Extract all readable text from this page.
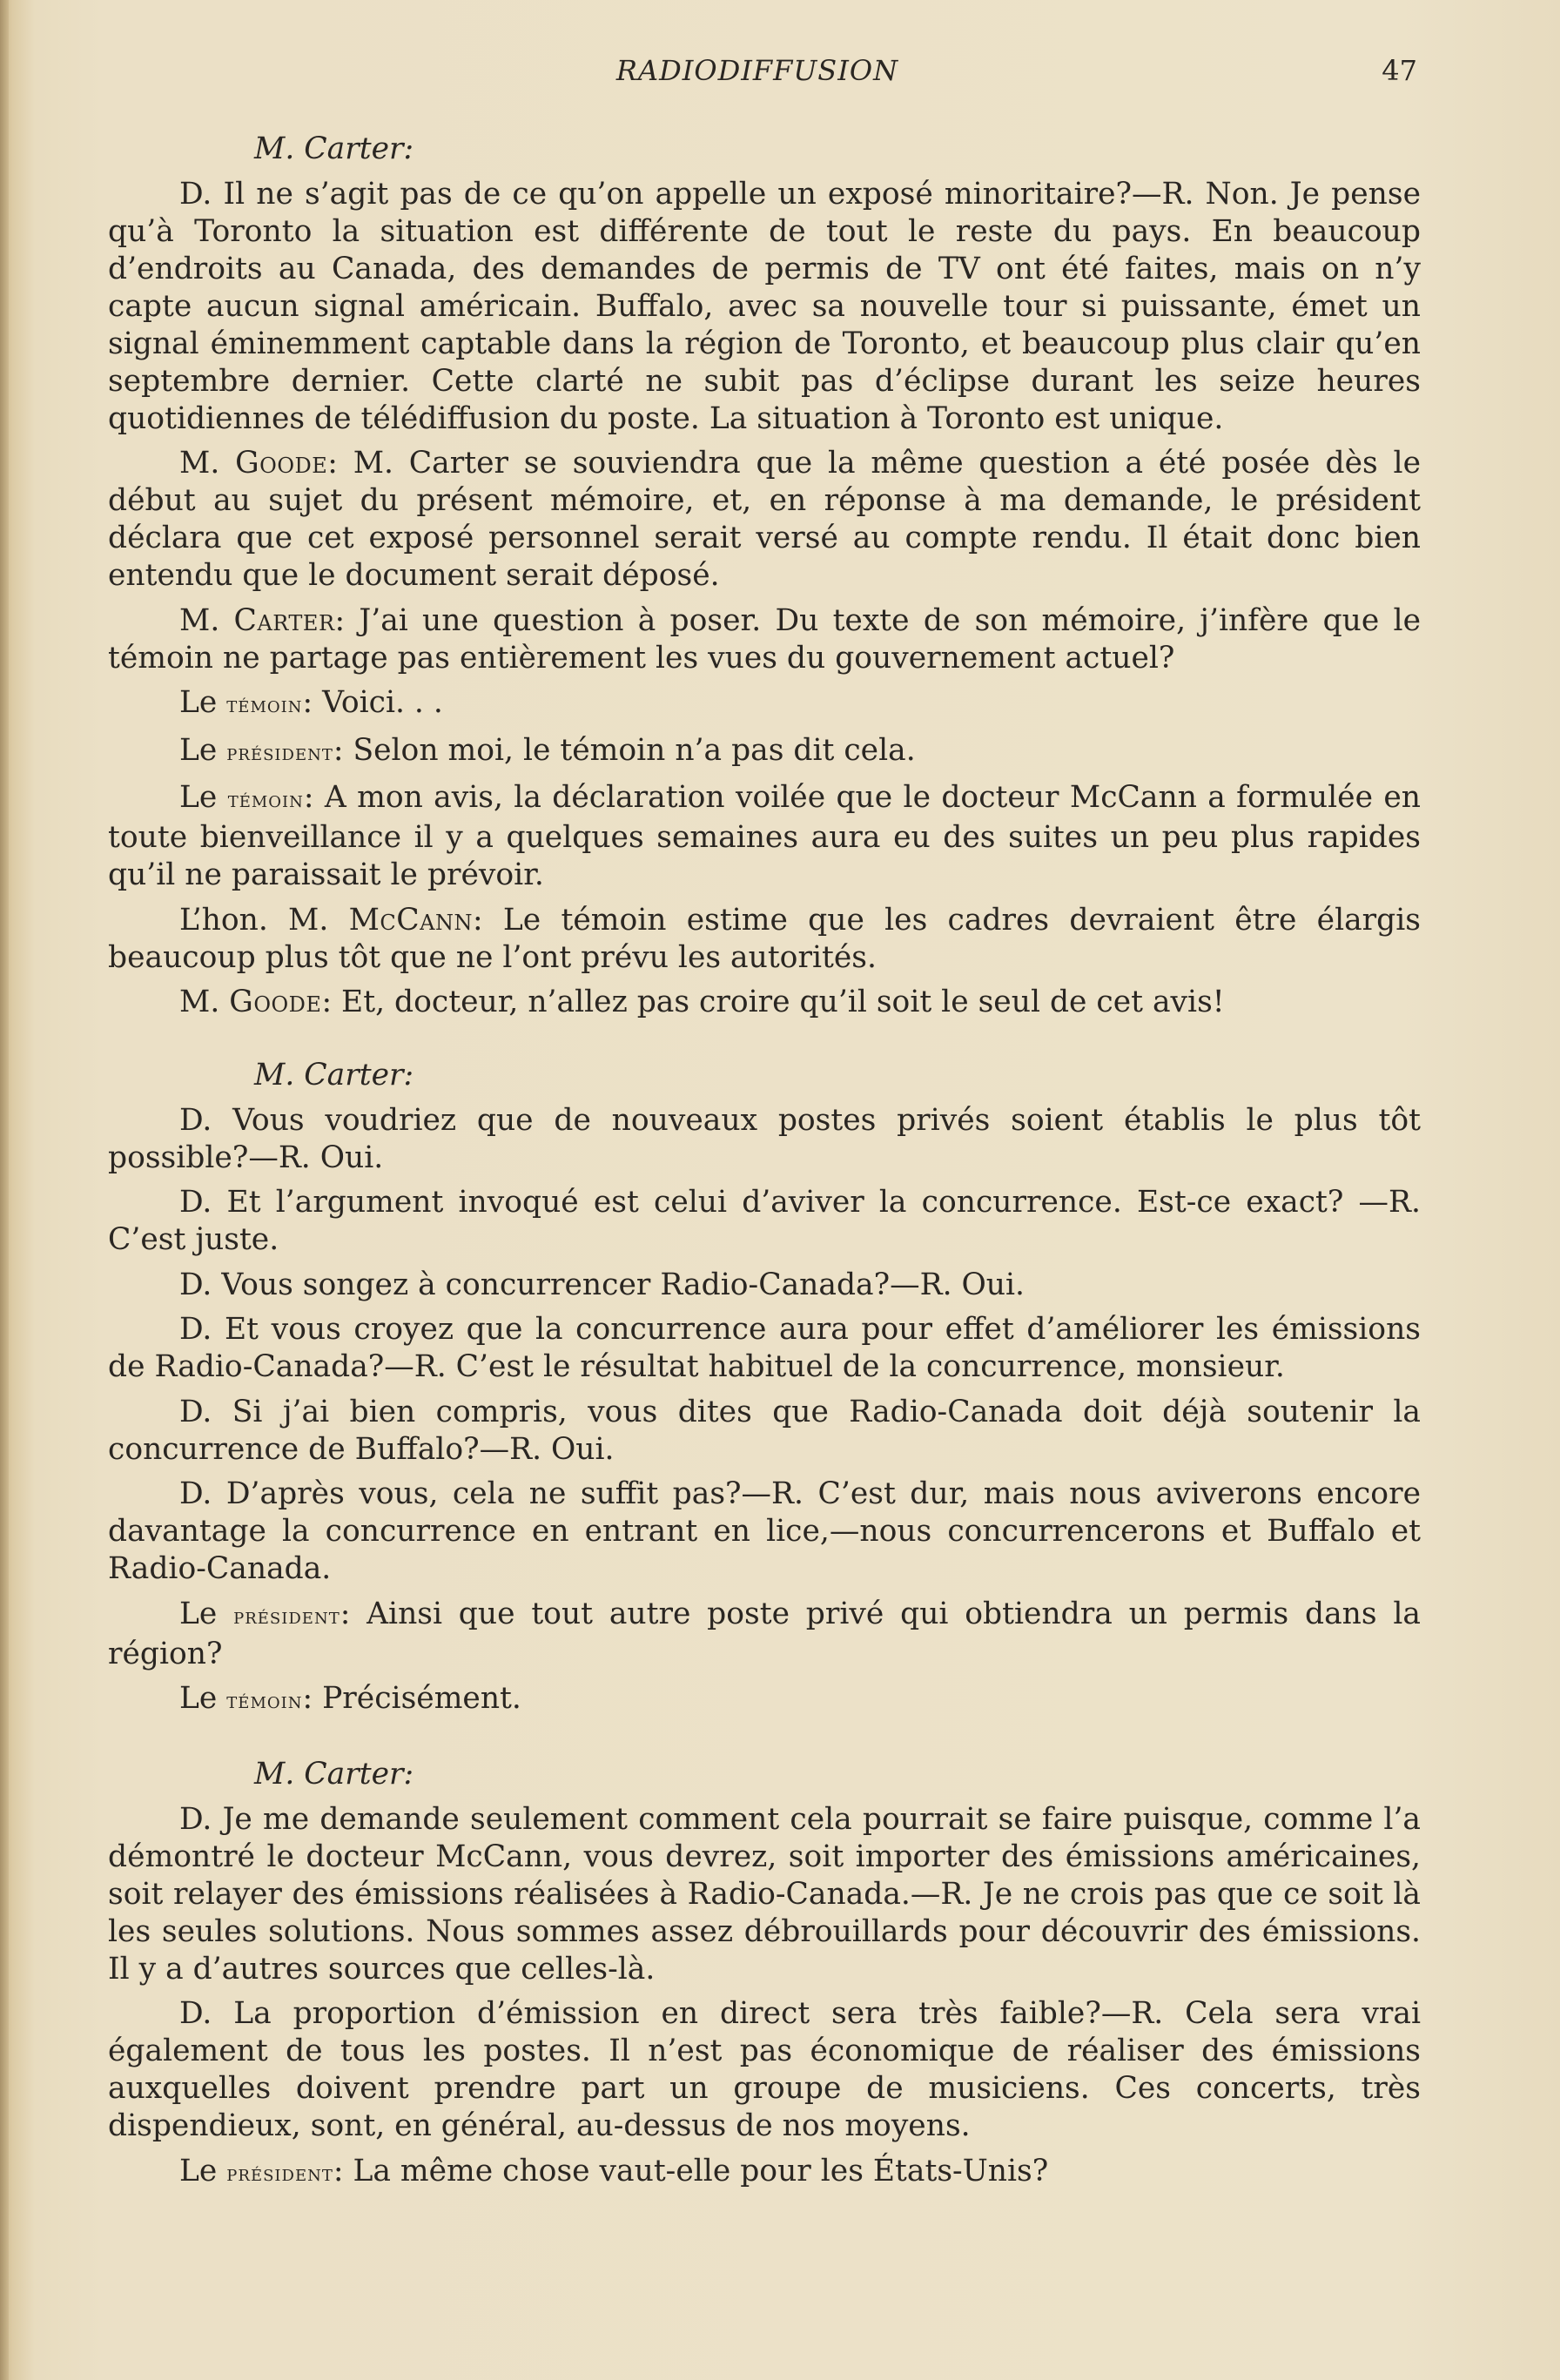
RADIODIFFUSION	47
M. Carter:

D. Il ne s’agit pas de ce qu’on appelle un exposé minoritaire?—R. Non. Je pense qu’à Toronto la situation est différente de tout le reste du pays. En beaucoup d’endroits au Canada, des demandes de permis de TV ont été faites, mais on n’y capte aucun signal américain. Buffalo, avec sa nouvelle tour si puissante, émet un signal éminemment captable dans la région de Toronto, et beaucoup plus clair qu’en septembre dernier. Cette clarté ne subit pas d’éclipse durant les seize heures quotidiennes de télédiffusion du poste. La situation à Toronto est unique.

M. Goode: M. Carter se souviendra que la même question a été posée dès le début au sujet du présent mémoire, et, en réponse à ma demande, le président déclara que cet exposé personnel serait versé au compte rendu. Il était donc bien entendu que le document serait déposé.

M. Carter: J’ai une question à poser. Du texte de son mémoire, j’infère que le témoin ne partage pas entièrement les vues du gouvernement actuel?

Le témoin: Voici. . .

Le président: Selon moi, le témoin n’a pas dit cela.

Le témoin: A mon avis, la déclaration voilée que le docteur McCann a formulée en toute bienveillance il y a quelques semaines aura eu des suites un peu plus rapides qu’il ne paraissait le prévoir.

L’hon. M. McCann: Le témoin estime que les cadres devraient être élargis beaucoup plus tôt que ne l’ont prévu les autorités.

M. Goode: Et, docteur, n’allez pas croire qu’il soit le seul de cet avis!

M. Carter:

D. Vous voudriez que de nouveaux postes privés soient établis le plus tôt possible?—R. Oui.

D. Et l’argument invoqué est celui d’aviver la concurrence. Est-ce exact? —R. C’est juste.

D. Vous songez à concurrencer Radio-Canada?—R. Oui.

D. Et vous croyez que la concurrence aura pour effet d’améliorer les émissions de Radio-Canada?—R. C’est le résultat habituel de la concurrence, monsieur.

D. Si j’ai bien compris, vous dites que Radio-Canada doit déjà soutenir la concurrence de Buffalo?—R. Oui.

D. D’après vous, cela ne suffit pas?—R. C’est dur, mais nous aviverons encore davantage la concurrence en entrant en lice,—nous concurrencerons et Buffalo et Radio-Canada.

Le président: Ainsi que tout autre poste privé qui obtiendra un permis dans la région?

Le témoin: Précisément.

M. Carter:

D. Je me demande seulement comment cela pourrait se faire puisque, comme l’a démontré le docteur McCann, vous devrez, soit importer des émissions américaines, soit relayer des émissions réalisées à Radio-Canada.—R. Je ne crois pas que ce soit là les seules solutions. Nous sommes assez débrouillards pour découvrir des émissions. Il y a d’autres sources que celles-là.

D. La proportion d’émission en direct sera très faible?—R. Cela sera vrai également de tous les postes. Il n’est pas économique de réaliser des émissions auxquelles doivent prendre part un groupe de musiciens. Ces concerts, très dispendieux, sont, en général, au-dessus de nos moyens.

Le président: La même chose vaut-elle pour les États-Unis?
